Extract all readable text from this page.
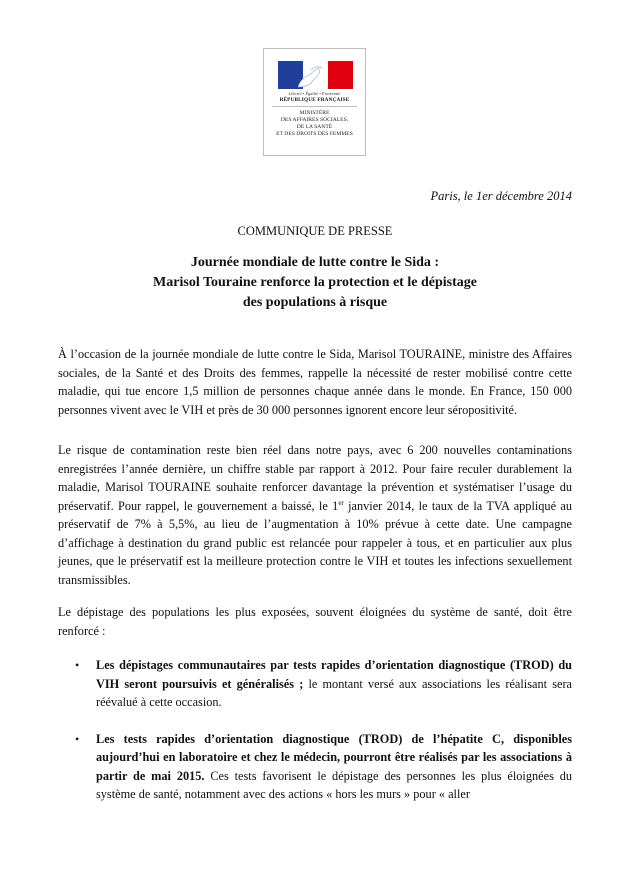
Liberté • Égalité • Fraternité
RÉPUBLIQUE FRANÇAISE
MINISTÈRE
DES AFFAIRES SOCIALES,
DE LA SANTÉ
ET DES DROITS DES FEMMES
Paris, le 1er décembre 2014
COMMUNIQUE DE PRESSE
Journée mondiale de lutte contre le Sida :
Marisol Touraine renforce la protection et le dépistage
des populations à risque

À l’occasion de la journée mondiale de lutte contre le Sida, Marisol TOURAINE, ministre des Affaires sociales, de la Santé et des Droits des femmes, rappelle la nécessité de rester mobilisé contre cette maladie, qui tue encore 1,5 million de personnes chaque année dans le monde. En France, 150 000 personnes vivent avec le VIH et près de 30 000 personnes ignorent encore leur séropositivité.

Le risque de contamination reste bien réel dans notre pays, avec 6 200 nouvelles contaminations enregistrées l’année dernière, un chiffre stable par rapport à 2012. Pour faire reculer durablement la maladie, Marisol TOURAINE souhaite renforcer davantage la prévention et systématiser l’usage du préservatif. Pour rappel, le gouvernement a baissé, le 1er janvier 2014, le taux de la TVA appliqué au préservatif de 7% à 5,5%, au lieu de l’augmentation à 10% prévue à cette date. Une campagne d’affichage à destination du grand public est relancée pour rappeler à tous, et en particulier aux plus jeunes, que le préservatif est la meilleure protection contre le VIH et toutes les infections sexuellement transmissibles.

Le dépistage des populations les plus exposées, souvent éloignées du système de santé, doit être renforcé :

• Les dépistages communautaires par tests rapides d’orientation diagnostique (TROD) du VIH seront poursuivis et généralisés ; le montant versé aux associations les réalisant sera réévalué à cette occasion.
• Les tests rapides d’orientation diagnostique (TROD) de l’hépatite C, disponibles aujourd’hui en laboratoire et chez le médecin, pourront être réalisés par les associations à partir de mai 2015. Ces tests favorisent le dépistage des personnes les plus éloignées du système de santé, notamment avec des actions « hors les murs » pour « aller
